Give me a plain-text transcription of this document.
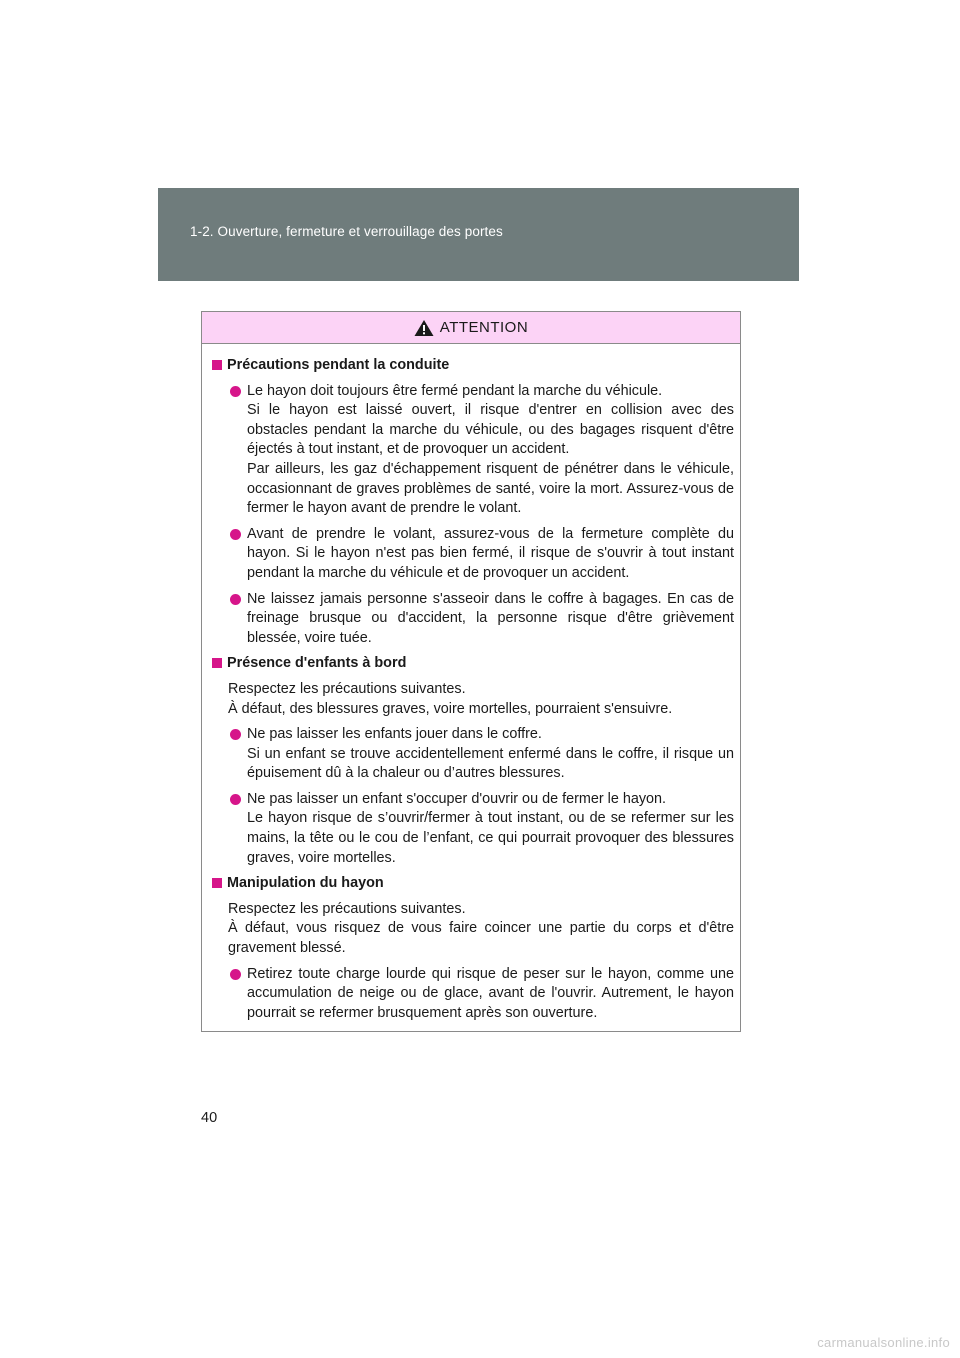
1-2. Ouverture, fermeture et verrouillage des portes
ATTENTION
Précautions pendant la conduite

Le hayon doit toujours être fermé pendant la marche du véhicule.

Si le hayon est laissé ouvert, il risque d'entrer en collision avec des obstacles pendant la marche du véhicule, ou des bagages risquent d'être éjectés à tout instant, et de provoquer un accident.

Par ailleurs, les gaz d'échappement risquent de pénétrer dans le véhicule, occasionnant de graves problèmes de santé, voire la mort. Assurez-vous de fermer le hayon avant de prendre le volant.

Avant de prendre le volant, assurez-vous de la fermeture complète du hayon. Si le hayon n'est pas bien fermé, il risque de s'ouvrir à tout instant pendant la marche du véhicule et de provoquer un accident.

Ne laissez jamais personne s'asseoir dans le coffre à bagages. En cas de freinage brusque ou d'accident, la personne risque d'être grièvement blessée, voire tuée.

Présence d'enfants à bord

Respectez les précautions suivantes.

À défaut, des blessures graves, voire mortelles, pourraient s'ensuivre.

Ne pas laisser les enfants jouer dans le coffre.

Si un enfant se trouve accidentellement enfermé dans le coffre, il risque un épuisement dû à la chaleur ou d’autres blessures.

Ne pas laisser un enfant s'occuper d'ouvrir ou de fermer le hayon.

Le hayon risque de s’ouvrir/fermer à tout instant, ou de se refermer sur les mains, la tête ou le cou de l’enfant, ce qui pourrait provoquer des blessures graves, voire mortelles.

Manipulation du hayon

Respectez les précautions suivantes.

À défaut, vous risquez de vous faire coincer une partie du corps et d'être gravement blessé.

Retirez toute charge lourde qui risque de peser sur le hayon, comme une accumulation de neige ou de glace, avant de l'ouvrir. Autrement, le hayon pourrait se refermer brusquement après son ouverture.

40
carmanualsonline.info
